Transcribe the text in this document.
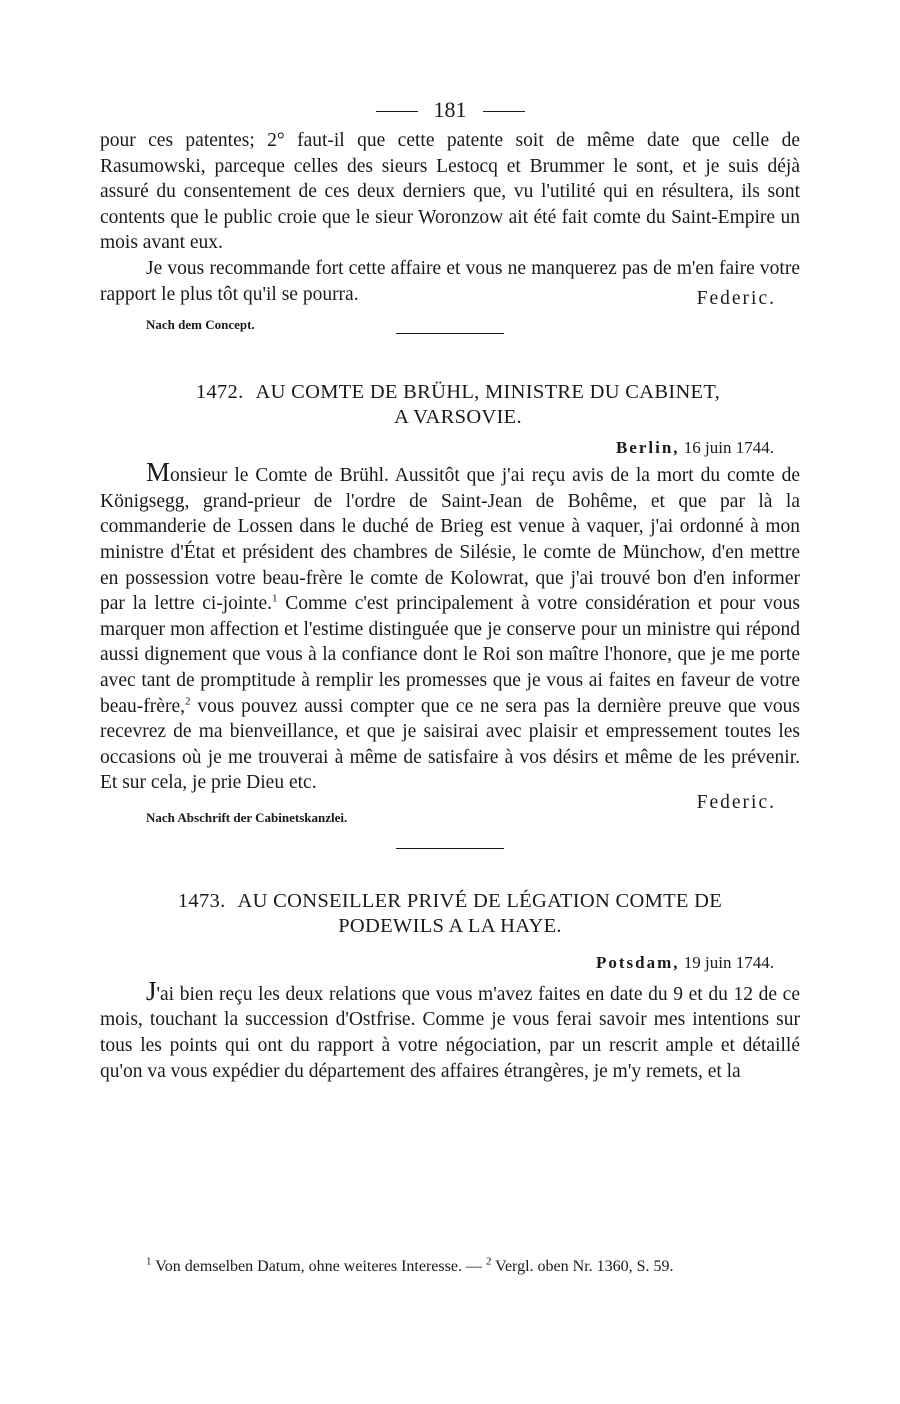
181

pour ces patentes; 2° faut-il que cette patente soit de même date que celle de Rasumowski, parceque celles des sieurs Lestocq et Brummer le sont, et je suis déjà assuré du consentement de ces deux derniers que, vu l'utilité qui en résultera, ils sont contents que le public croie que le sieur Woronzow ait été fait comte du Saint-Empire un mois avant eux.

Je vous recommande fort cette affaire et vous ne manquerez pas de m'en faire votre rapport le plus tôt qu'il se pourra.	Federic.
Nach dem Concept.
1472. AU COMTE DE BRÜHL, MINISTRE DU CABINET,
A VARSOVIE.
Berlin, 16 juin 1744.

Monsieur le Comte de Brühl. Aussitôt que j'ai reçu avis de la mort du comte de Königsegg, grand-prieur de l'ordre de Saint-Jean de Bohême, et que par là la commanderie de Lossen dans le duché de Brieg est venue à vaquer, j'ai ordonné à mon ministre d'État et président des chambres de Silésie, le comte de Münchow, d'en mettre en possession votre beau-frère le comte de Kolowrat, que j'ai trouvé bon d'en informer par la lettre ci-jointe.$^1$ Comme c'est principalement à votre considération et pour vous marquer mon affection et l'estime distinguée que je conserve pour un ministre qui répond aussi dignement que vous à la confiance dont le Roi son maître l'honore, que je me porte avec tant de promptitude à remplir les promesses que je vous ai faites en faveur de votre beau-frère,$^2$ vous pouvez aussi compter que ce ne sera pas la dernière preuve que vous recevrez de ma bienveillance, et que je saisirai avec plaisir et empressement toutes les occasions où je me trouverai à même de satisfaire à vos désirs et même de les prévenir. Et sur cela, je prie Dieu etc.

Federic.
Nach Abschrift der Cabinetskanzlei.
1473. AU CONSEILLER PRIVÉ DE LÉGATION COMTE DE
PODEWILS A LA HAYE.
Potsdam, 19 juin 1744.

J'ai bien reçu les deux relations que vous m'avez faites en date du 9 et du 12 de ce mois, touchant la succession d'Ostfrise. Comme je vous ferai savoir mes intentions sur tous les points qui ont du rapport à votre négociation, par un rescrit ample et détaillé qu'on va vous expédier du département des affaires étrangères, je m'y remets, et la

$^1$ Von demselben Datum, ohne weiteres Interesse. — $^2$ Vergl. oben Nr. 1360, S. 59.
